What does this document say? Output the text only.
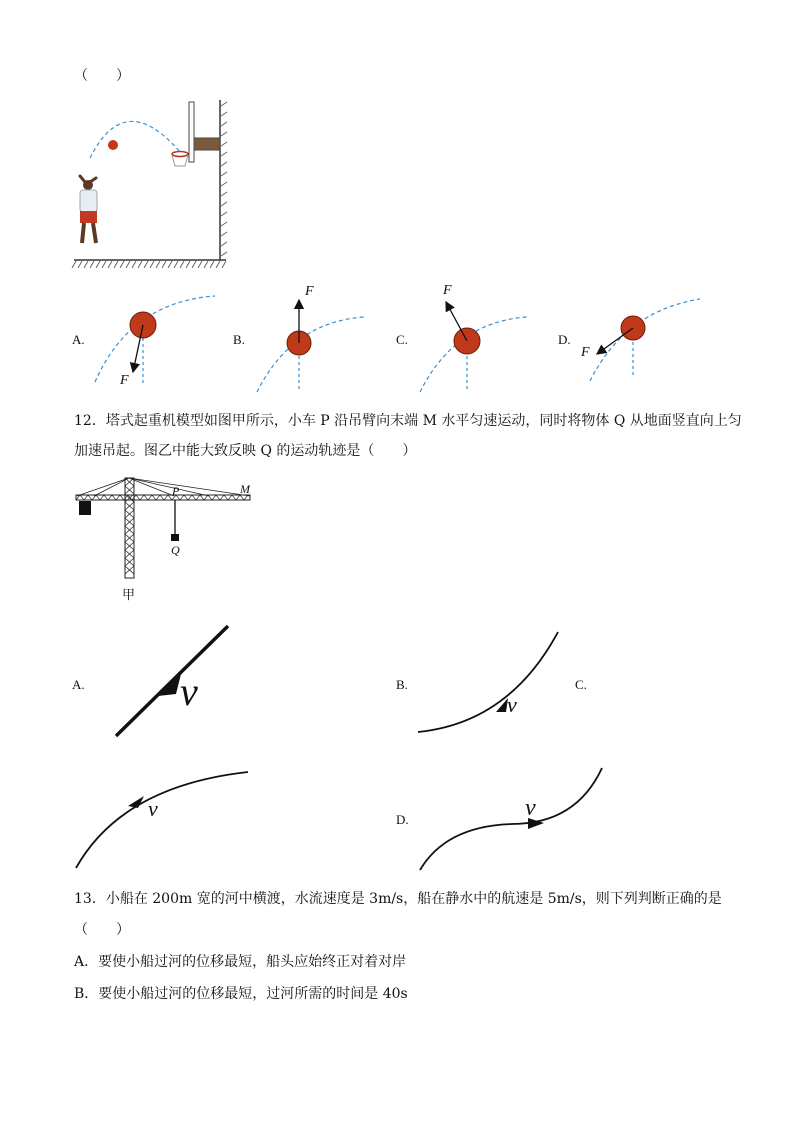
（　　）
A.	B.	C.	D.
F
F	F
F
12．塔式起重机模型如图甲所示，小车 P 沿吊臂向末端 M 水平匀速运动，同时将物体 Q 从地面竖直向上匀
加速吊起。图乙中能大致反映 Q 的运动轨迹是（　　）
P	M
Q
甲
A. v	B.
v
C.
v	D.	v
13．小船在 200m 宽的河中横渡，水流速度是 3m/s，船在静水中的航速是 5m/s，则下列判断正确的是
（　　）
A．要使小船过河的位移最短，船头应始终正对着对岸
B．要使小船过河的位移最短，过河所需的时间是 40s
